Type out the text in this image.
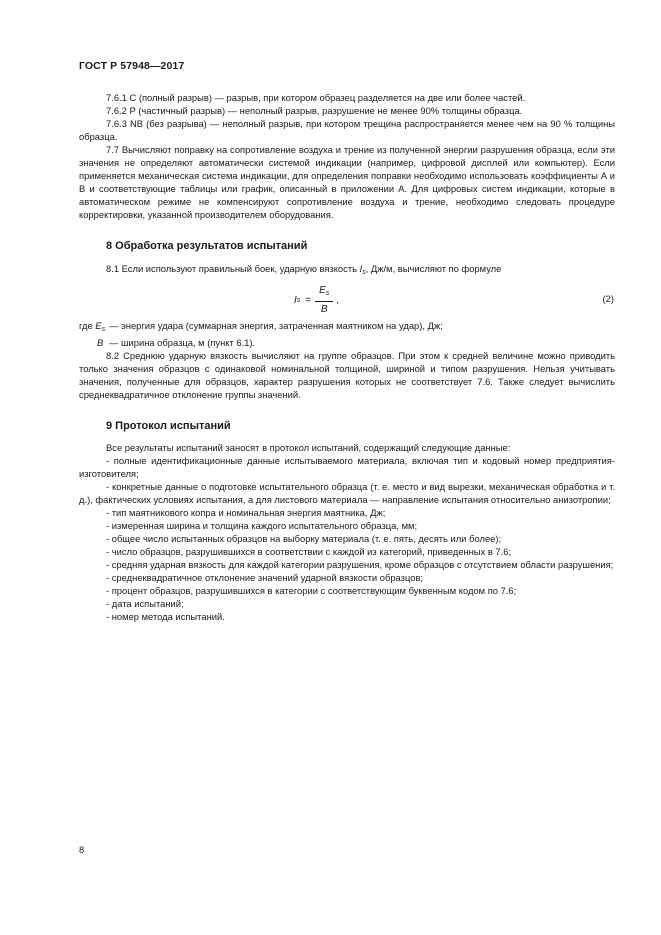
ГОСТ Р 57948—2017

7.6.1 С (полный разрыв) — разрыв, при котором образец разделяется на две или более частей.

7.6.2 Р (частичный разрыв) — неполный разрыв, разрушение не менее 90% толщины образца.

7.6.3 NB (без разрыва) — неполный разрыв, при котором трещина распространяется менее чем на 90 % толщины образца.

7.7 Вычисляют поправку на сопротивление воздуха и трение из полученной энергии разрушения образца, если эти значения не определяют автоматически системой индикации (например, цифровой дисплей или компьютер). Если применяется механическая система индикации, для определения поправки необходимо использовать коэффициенты А и В и соответствующие таблицы или график, описанный в приложении А. Для цифровых систем индикации, которые в автоматическом режиме не компенсируют сопротивление воздуха и трение, необходимо следовать процедуре корректировки, указанной производителем оборудования.

8 Обработка результатов испытаний

8.1 Если используют правильный боек, ударную вязкость $I_s$, Дж/м, вычисляют по формуле

I $s = \frac{E_s}{B}$ ,	(2)
где $E_s$ — энергия удара (суммарная энергия, затраченная маятником на удар), Дж;
B — ширина образца, м (пункт 6.1).

8.2 Среднюю ударную вязкость вычисляют на группе образцов. При этом к средней величине можно приводить только значения образцов с одинаковой номинальной толщиной, шириной и типом разрушения. Нельзя учитывать значения, полученные для образцов, характер разрушения которых не соответствует 7.6. Также следует вычислить среднеквадратичное отклонение группы значений.

9 Протокол испытаний

Все результаты испытаний заносят в протокол испытаний, содержащий следующие данные:

- полные идентификационные данные испытываемого материала, включая тип и кодовый номер предприятия-изготовителя;

- конкретные данные о подготовке испытательного образца (т. е. место и вид вырезки, механическая обработка и т. д.), фактических условиях испытания, а для листового материала — направление испытания относительно анизотропии;

- тип маятникового копра и номинальная энергия маятника, Дж;

- измеренная ширина и толщина каждого испытательного образца, мм;

- общее число испытанных образцов на выборку материала (т. е. пять, десять или более);

- число образцов, разрушившихся в соответствии с каждой из категорий, приведенных в 7.6;

- средняя ударная вязкость для каждой категории разрушения, кроме образцов с отсутствием области разрушения;

- среднеквадратичное отклонение значений ударной вязкости образцов;

- процент образцов, разрушившихся в категории с соответствующим буквенным кодом по 7.6;

- дата испытаний;

- номер метода испытаний.

8
